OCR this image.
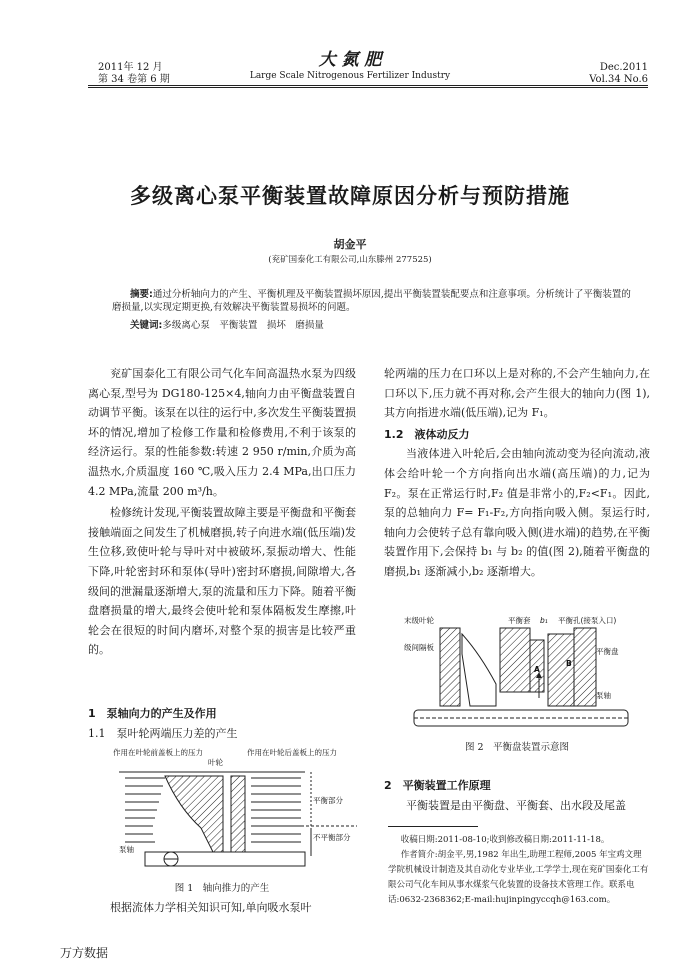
2011年 12 月
第 34 卷第 6 期
大 氮 肥
Large Scale Nitrogenous Fertilizer Industry
Dec.2011
Vol.34 No.6
多级离心泵平衡装置故障原因分析与预防措施
胡金平
(兖矿国泰化工有限公司,山东滕州 277525)
摘要:通过分析轴向力的产生、平衡机理及平衡装置损坏原因,提出平衡装置装配要点和注意事项。分析统计了平衡装置的磨损量,以实现定期更换,有效解决平衡装置易损坏的问题。
关键词:多级离心泵　平衡装置　损坏　磨损量

兖矿国泰化工有限公司气化车间高温热水泵为四级离心泵,型号为 DG180-125×4,轴向力由平衡盘装置自动调节平衡。该泵在以往的运行中,多次发生平衡装置损坏的情况,增加了检修工作量和检修费用,不利于该泵的经济运行。泵的性能参数:转速 2 950 r/min,介质为高温热水,介质温度 160 ℃,吸入压力 2.4 MPa,出口压力 4.2 MPa,流量 200 m³/h。

检修统计发现,平衡装置故障主要是平衡盘和平衡套接触端面之间发生了机械磨损,转子向进水端(低压端)发生位移,致使叶轮与导叶对中被破坏,泵振动增大、性能下降,叶轮密封环和泵体(导叶)密封环磨损,间隙增大,各级间的泄漏量逐渐增大,泵的流量和压力下降。随着平衡盘磨损量的增大,最终会使叶轮和泵体隔板发生摩擦,叶轮会在很短的时间内磨坏,对整个泵的损害是比较严重的。

1　泵轴向力的产生及作用

1.1　泵叶轮两端压力差的产生

作用在叶轮前盖板上的压力
叶轮
作用在叶轮后盖板上的压力
平衡部分
不平衡部分
泵轴
图 1　轴向推力的产生

根据流体力学相关知识可知,单向吸水泵叶

轮两端的压力在口环以上是对称的,不会产生轴向力,在口环以下,压力就不再对称,会产生很大的轴向力(图 1),其方向指进水端(低压端),记为 F₁。

1.2　液体动反力

当液体进入叶轮后,会由轴向流动变为径向流动,液体会给叶轮一个方向指向出水端(高压端)的力,记为 F₂。泵在正常运行时,F₂ 值是非常小的,F₂<F₁。因此,泵的总轴向力 F= F₁-F₂,方向指向吸入侧。泵运行时,轴向力会使转子总有靠向吸入侧(进水端)的趋势,在平衡装置作用下,会保持 b₁ 与 b₂ 的值(图 2),随着平衡盘的磨损,b₁ 逐渐减小,b₂ 逐渐增大。

末级叶轮	平衡套 b₁ 平衡孔(接泵入口)
级间隔板	平衡盘
A
B
泵轴
图 2　平衡盘装置示意图

2　平衡装置工作原理

平衡装置是由平衡盘、平衡套、出水段及尾盖

收稿日期:2011-08-10;收到修改稿日期:2011-11-18。
作者简介:胡金平,男,1982 年出生,助理工程师,2005 年宝鸡文理学院机械设计制造及其自动化专业毕业,工学学士,现在兖矿国泰化工有限公司气化车间从事水煤浆气化装置的设备技术管理工作。联系电话:0632-2368362;E-mail:hujinpingyccqh@163.com。
万方数据
